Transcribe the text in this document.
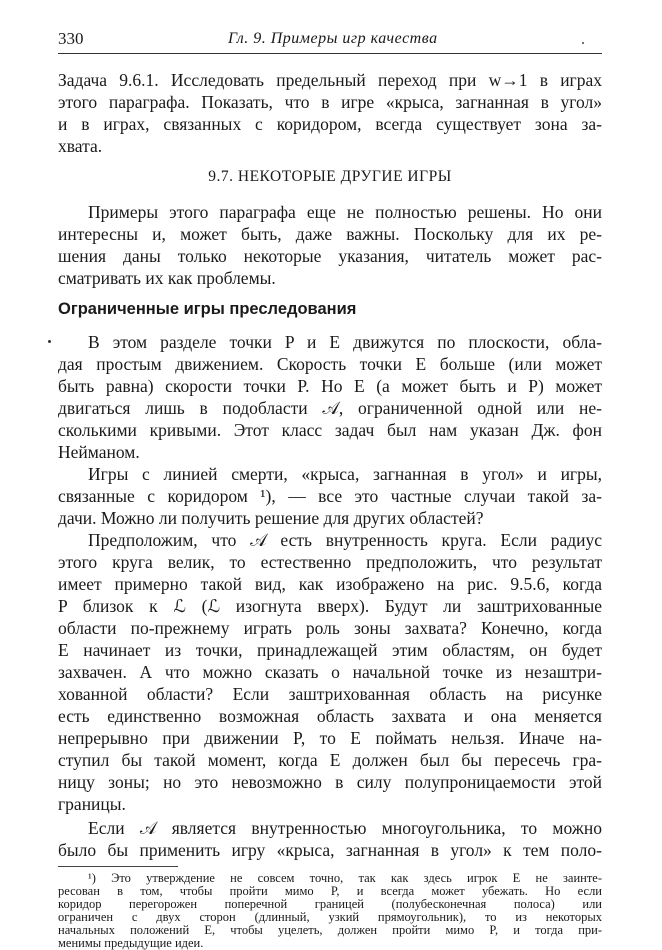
330	Гл. 9. Примеры игр качества
Задача 9.6.1. Исследовать предельный переход при w→1 в играх
этого параграфа. Показать, что в игре «крыса, загнанная в угол»
и в играх, связанных с коридором, всегда существует зона за-
хвата.
9.7. НЕКОТОРЫЕ ДРУГИЕ ИГРЫ
Примеры этого параграфа еще не полностью решены. Но они
интересны и, может быть, даже важны. Поскольку для их ре-
шения даны только некоторые указания, читатель может рас-
сматривать их как проблемы.
Ограниченные игры преследования
В этом разделе точки P и E движутся по плоскости, обла-
дая простым движением. Скорость точки E больше (или может
быть равна) скорости точки P. Но E (а может быть и P) может
двигаться лишь в подобласти 𝒜, ограниченной одной или не-
сколькими кривыми. Этот класс задач был нам указан Дж. фон
Нейманом.
Игры с линией смерти, «крыса, загнанная в угол» и игры,
связанные с коридором ¹), — все это частные случаи такой за-
дачи. Можно ли получить решение для других областей?
Предположим, что 𝒜 есть внутренность круга. Если радиус
этого круга велик, то естественно предположить, что результат
имеет примерно такой вид, как изображено на рис. 9.5.6, когда
P близок к ℒ (ℒ изогнута вверх). Будут ли заштрихованные
области по-прежнему играть роль зоны захвата? Конечно, когда
E начинает из точки, принадлежащей этим областям, он будет
захвачен. А что можно сказать о начальной точке из незаштри-
хованной области? Если заштрихованная область на рисунке
есть единственно возможная область захвата и она меняется
непрерывно при движении P, то E поймать нельзя. Иначе на-
ступил бы такой момент, когда E должен был бы пересечь гра-
ницу зоны; но это невозможно в силу полупроницаемости этой
границы.
Если 𝒜 является внутренностью многоугольника, то можно
было бы применить игру «крыса, загнанная в угол» к тем поло-
¹) Это утверждение не совсем точно, так как здесь игрок E не заинте-
ресован в том, чтобы пройти мимо P, и всегда может убежать. Но если
коридор перегорожен поперечной границей (полубесконечная полоса) или
ограничен с двух сторон (длинный, узкий прямоугольник), то из некоторых
начальных положений E, чтобы уцелеть, должен пройти мимо P, и тогда при-
менимы предыдущие идеи.
